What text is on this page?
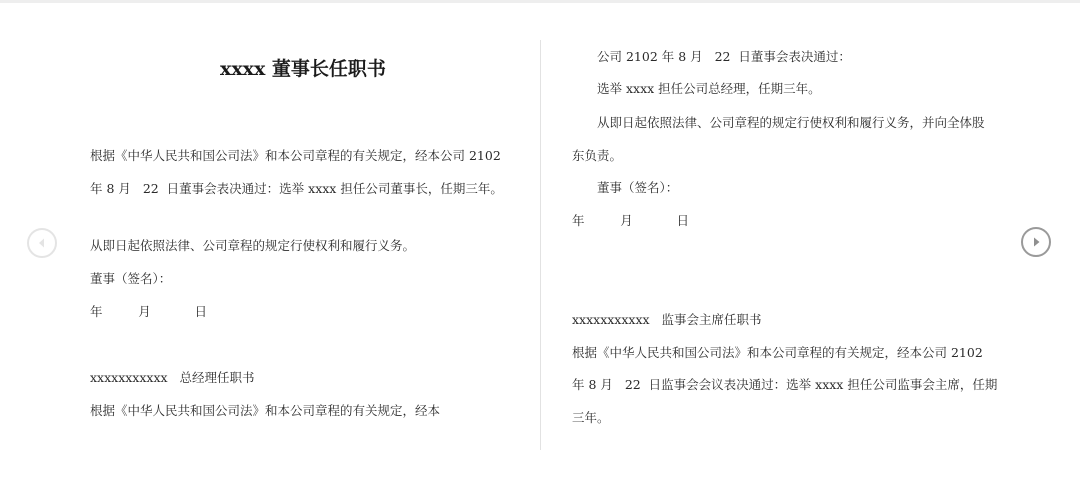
xxxx 董事长任职书
根据《中华人民共和国公司法》和本公司章程的有关规定，经本公司 2102
年 8 月   22  日董事会表决通过：选举 xxxx 担任公司董事长，任期三年。
从即日起依照法律、公司章程的规定行使权利和履行义务。
董事（签名）：
年         月           日
xxxxxxxxxxx   总经理任职书
根据《中华人民共和国公司法》和本公司章程的有关规定，经本
公司 2102 年 8 月   22  日董事会表决通过：
选举 xxxx 担任公司总经理，任期三年。
从即日起依照法律、公司章程的规定行使权利和履行义务，并向全体股
东负责。
董事（签名）：
年         月           日
xxxxxxxxxxx   监事会主席任职书
根据《中华人民共和国公司法》和本公司章程的有关规定，经本公司 2102
年 8 月   22  日监事会会议表决通过：选举 xxxx 担任公司监事会主席，任期
三年。
